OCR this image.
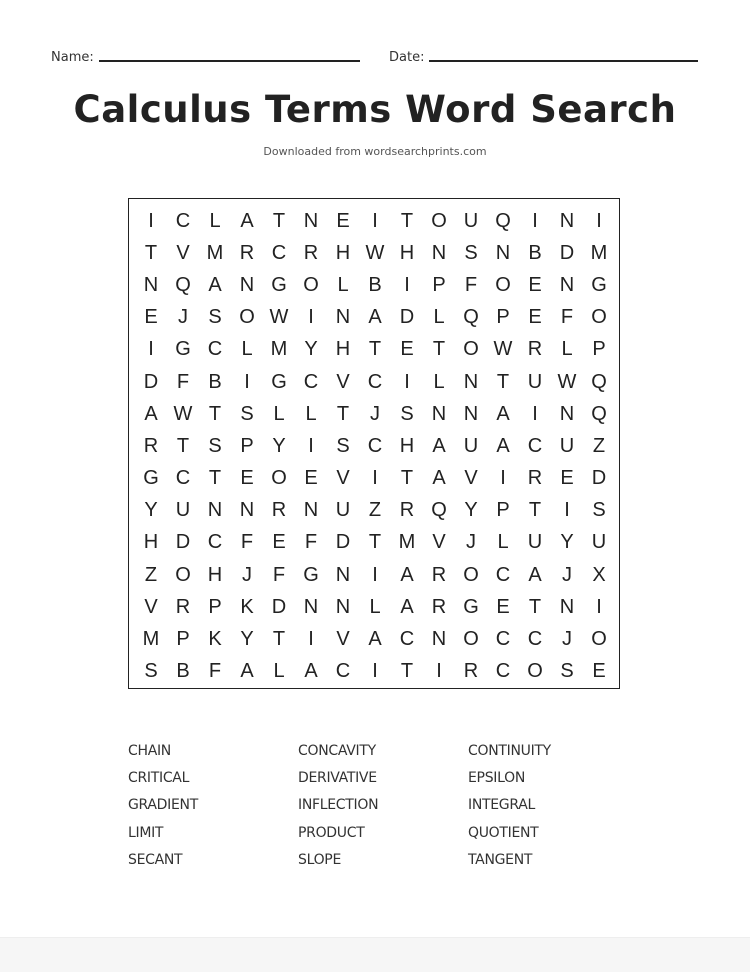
Name:	Date:
Calculus Terms Word Search
Downloaded from wordsearchprints.com
I	C L A T N E	I	T O U Q	I	N	I
T V M R C R H W H N S N B D M
N Q A N G O L B	I	P F O E N G
E	J	S O W I	N A D L Q P E F O
I	G C L M Y H T E T O W R L P
D F B	I	G C V C	I	L N T U W Q
A W T S L	L	T	J	S N N A	I	N Q
R T S P Y	I	S C H A U A C U Z
G C T E O E V	I	T A V	I	R E D
Y U N N R N U Z R Q Y P T	I	S
H D C F E F D T M V	J	L U Y U
Z O H J	F G N	I	A R O C A	J	X
V R P K D N N L A R G E T N	I
M P K Y T	I	V A C N O C C J O
S B F A L A C	I	T	I	R C O S E
CHAIN	CONCAVITY	CONTINUITY
CRITICAL	DERIVATIVE	EPSILON
GRADIENT	INFLECTION	INTEGRAL
LIMIT	PRODUCT	QUOTIENT
SECANT	SLOPE	TANGENT
